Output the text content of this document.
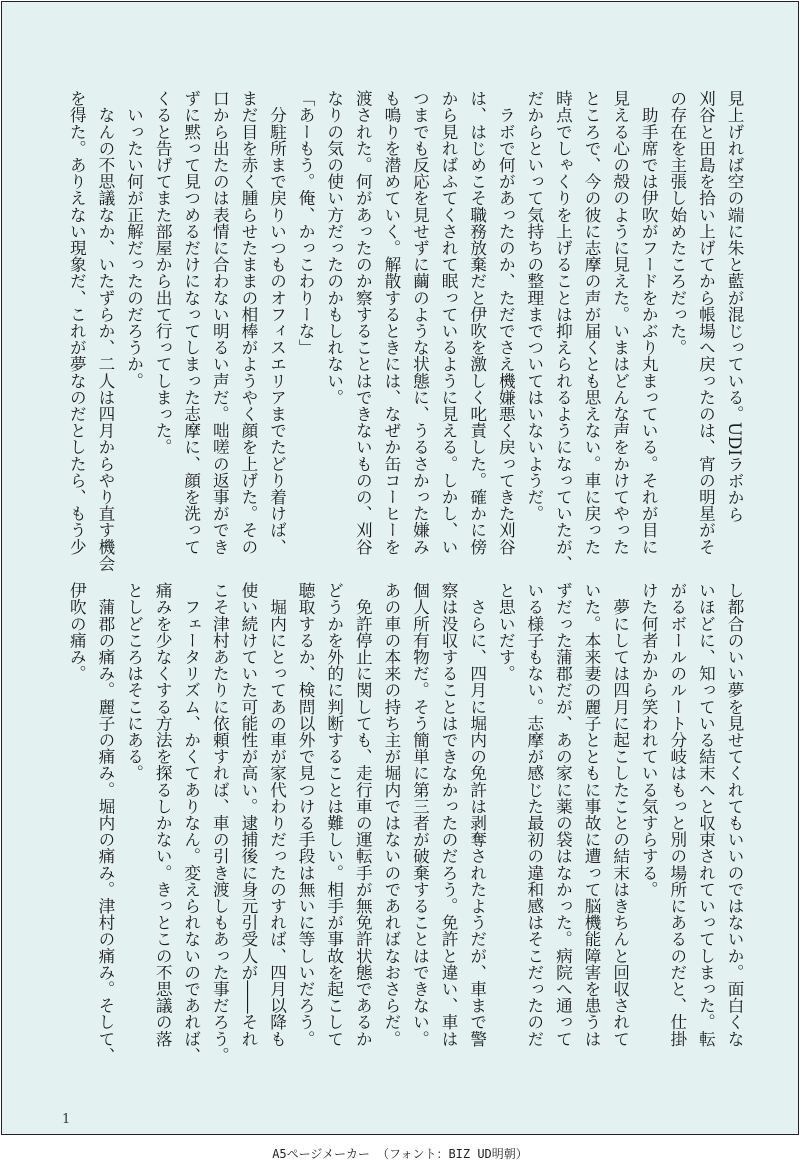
見上げれば空の端に朱と藍が混じっている。UDIラボから
刈谷と田島を拾い上げてから帳場へ戻ったのは、宵の明星がそ
の存在を主張し始めたころだった。
　助手席では伊吹がフードをかぶり丸まっている。それが目に
見える心の殻のように見えた。いまはどんな声をかけてやった
ところで、今の彼に志摩の声が届くとも思えない。車に戻った
時点でしゃくりを上げることは抑えられるようになっていたが、
だからといって気持ちの整理までついてはいないようだ。
　ラボで何があったのか、ただでさえ機嫌悪く戻ってきた刈谷
は、はじめこそ職務放棄だと伊吹を激しく叱責した。確かに傍
から見ればふてくされて眠っているように見える。しかし、い
つまでも反応を見せずに繭のような状態に、うるさかった嫌み
も鳴りを潜めていく。解散するときには、なぜか缶コーヒーを
渡された。何があったのか察することはできないものの、刈谷
なりの気の使い方だったのかもしれない。
「あーもう。俺、かっこわりーな」
　分駐所まで戻りいつものオフィスエリアまでたどり着けば、
まだ目を赤く腫らせたままの相棒がようやく顔を上げた。その
口から出たのは表情に合わない明るい声だ。咄嗟の返事ができ
ずに黙って見つめるだけになってしまった志摩に、顔を洗って
くると告げてまた部屋から出て行ってしまった。
　いったい何が正解だったのだろうか。
　なんの不思議なか、いたずらか、二人は四月からやり直す機会
を得た。ありえない現象だ、これが夢なのだとしたら、もう少
し都合のいい夢を見せてくれてもいいのではないか。面白くな
いほどに、知っている結末へと収束されていってしまった。転
がるボールのルート分岐はもっと別の場所にあるのだと、仕掛
けた何者かから笑われている気すらする。
　夢にしては四月に起こしたことの結末はきちんと回収されて
いた。本来妻の麗子とともに事故に遭って脳機能障害を患うは
ずだった蒲郡だが、あの家に薬の袋はなかった。病院へ通って
いる様子もない。志摩が感じた最初の違和感はそこだったのだ
と思いだす。
　さらに、四月に堀内の免許は剥奪されたようだが、車まで警
察は没収することはできなかったのだろう。免許と違い、車は
個人所有物だ。そう簡単に第三者が破棄することはできない。
あの車の本来の持ち主が堀内ではないのであればなおさらだ。
　免許停止に関しても、走行車の運転手が無免許状態であるか
どうかを外的に判断することは難しい。相手が事故を起こして
聴取するか、検問以外で見つける手段は無いに等しいだろう。
　堀内にとってあの車が家代わりだったのすれば、四月以降も
使い続けていた可能性が高い。逮捕後に身元引受人が――それ
こそ津村あたりに依頼すれば、車の引き渡しもあった事だろう。
　フェータリズム、かくてありなん。変えられないのであれば、
痛みを少なくする方法を探るしかない。きっとこの不思議の落
としどころはそこにある。
　蒲郡の痛み。麗子の痛み。堀内の痛み。津村の痛み。そして、
伊吹の痛み。
1
A5ページメーカー （フォント：BIZ UD明朝）
